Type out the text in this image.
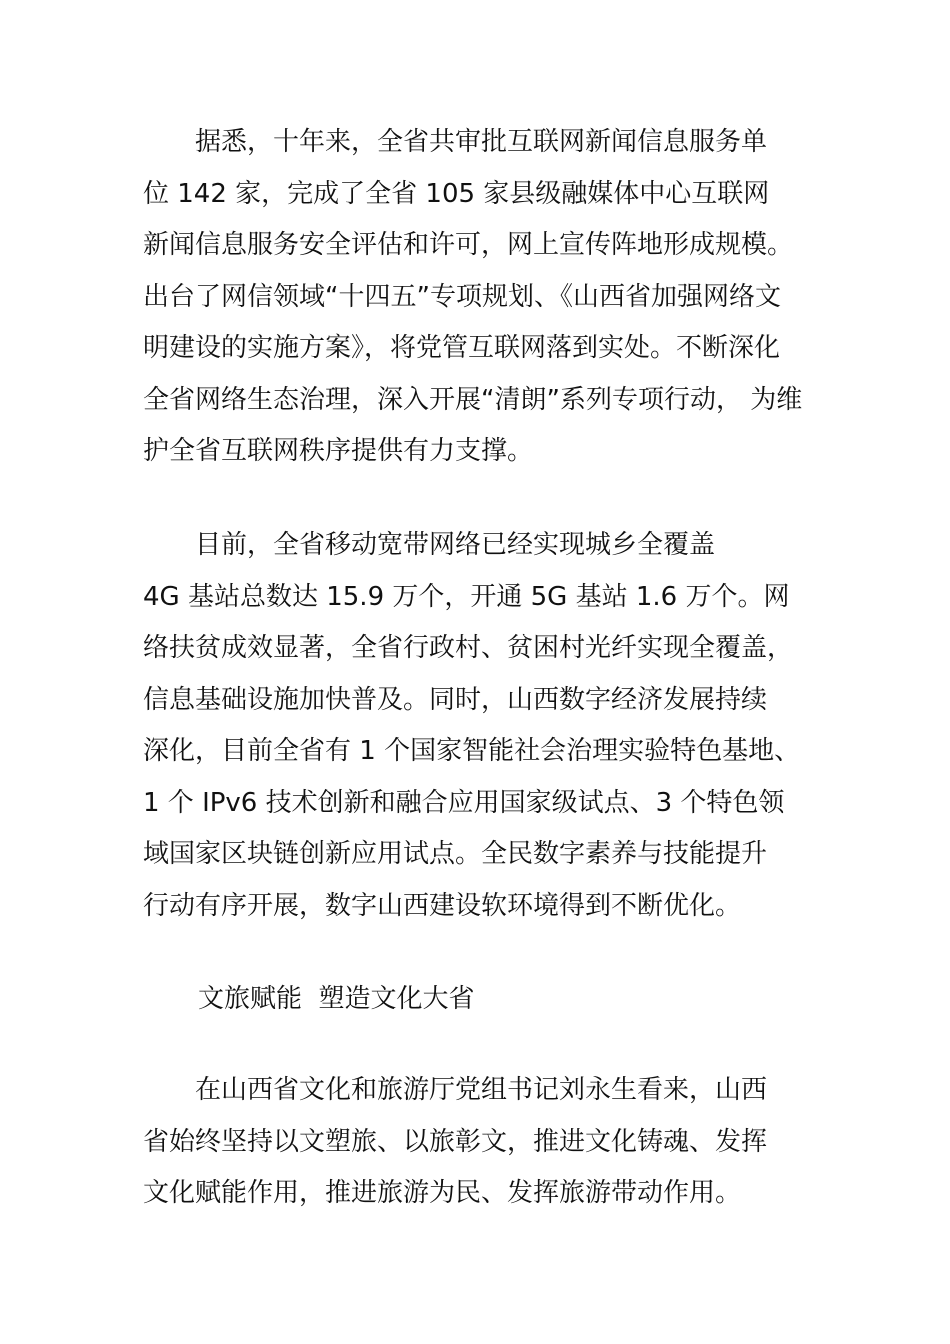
　　据悉，十年来，全省共审批互联网新闻信息服务单
位 142 家，完成了全省 105 家县级融媒体中心互联网
新闻信息服务安全评估和许可，网上宣传阵地形成规模。
出台了网信领域“十四五”专项规划、《山西省加强网络文
明建设的实施方案》，将党管互联网落到实处。不断深化
全省网络生态治理，深入开展“清朗”系列专项行动， 为维
护全省互联网秩序提供有力支撑。
　　目前，全省移动宽带网络已经实现城乡全覆盖
4G 基站总数达 15.9 万个，开通 5G 基站 1.6 万个。网
络扶贫成效显著，全省行政村、贫困村光纤实现全覆盖，
信息基础设施加快普及。同时，山西数字经济发展持续
深化，目前全省有 1 个国家智能社会治理实验特色基地、
1 个 IPv6 技术创新和融合应用国家级试点、3 个特色领
域国家区块链创新应用试点。全民数字素养与技能提升
行动有序开展，数字山西建设软环境得到不断优化。
文旅赋能  塑造文化大省
　　在山西省文化和旅游厅党组书记刘永生看来，山西
省始终坚持以文塑旅、以旅彰文，推进文化铸魂、发挥
文化赋能作用，推进旅游为民、发挥旅游带动作用。
